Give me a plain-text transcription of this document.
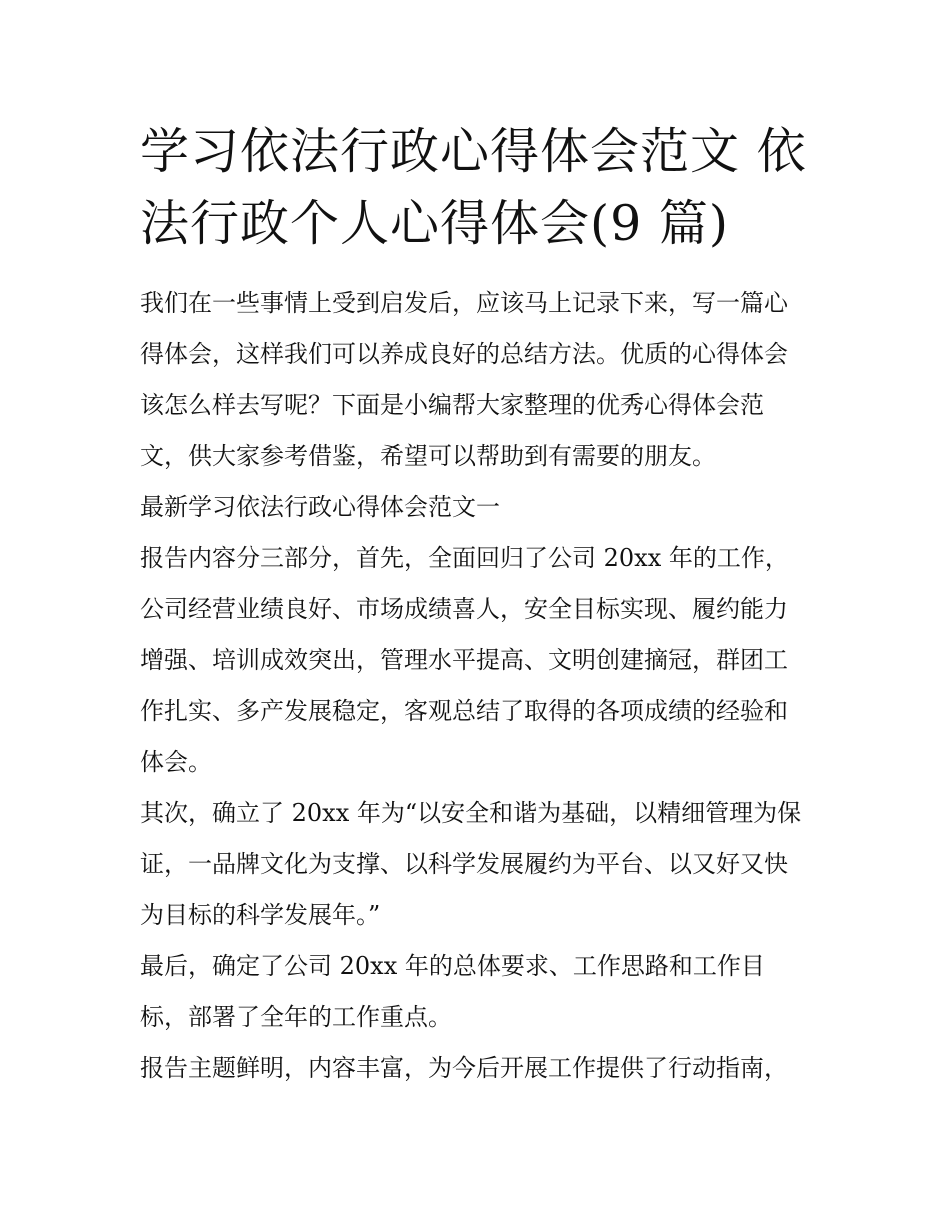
学习依法行政心得体会范文 依
法行政个人心得体会(9 篇)
我们在一些事情上受到启发后，应该马上记录下来，写一篇心
得体会，这样我们可以养成良好的总结方法。优质的心得体会
该怎么样去写呢？下面是小编帮大家整理的优秀心得体会范
文，供大家参考借鉴，希望可以帮助到有需要的朋友。
最新学习依法行政心得体会范文一
报告内容分三部分，首先，全面回归了公司 20xx 年的工作，
公司经营业绩良好、市场成绩喜人，安全目标实现、履约能力
增强、培训成效突出，管理水平提高、文明创建摘冠，群团工
作扎实、多产发展稳定，客观总结了取得的各项成绩的经验和
体会。
其次，确立了 20xx 年为“以安全和谐为基础，以精细管理为保
证，一品牌文化为支撑、以科学发展履约为平台、以又好又快
为目标的科学发展年。”
最后，确定了公司 20xx 年的总体要求、工作思路和工作目
标，部署了全年的工作重点。
报告主题鲜明，内容丰富，为今后开展工作提供了行动指南，
